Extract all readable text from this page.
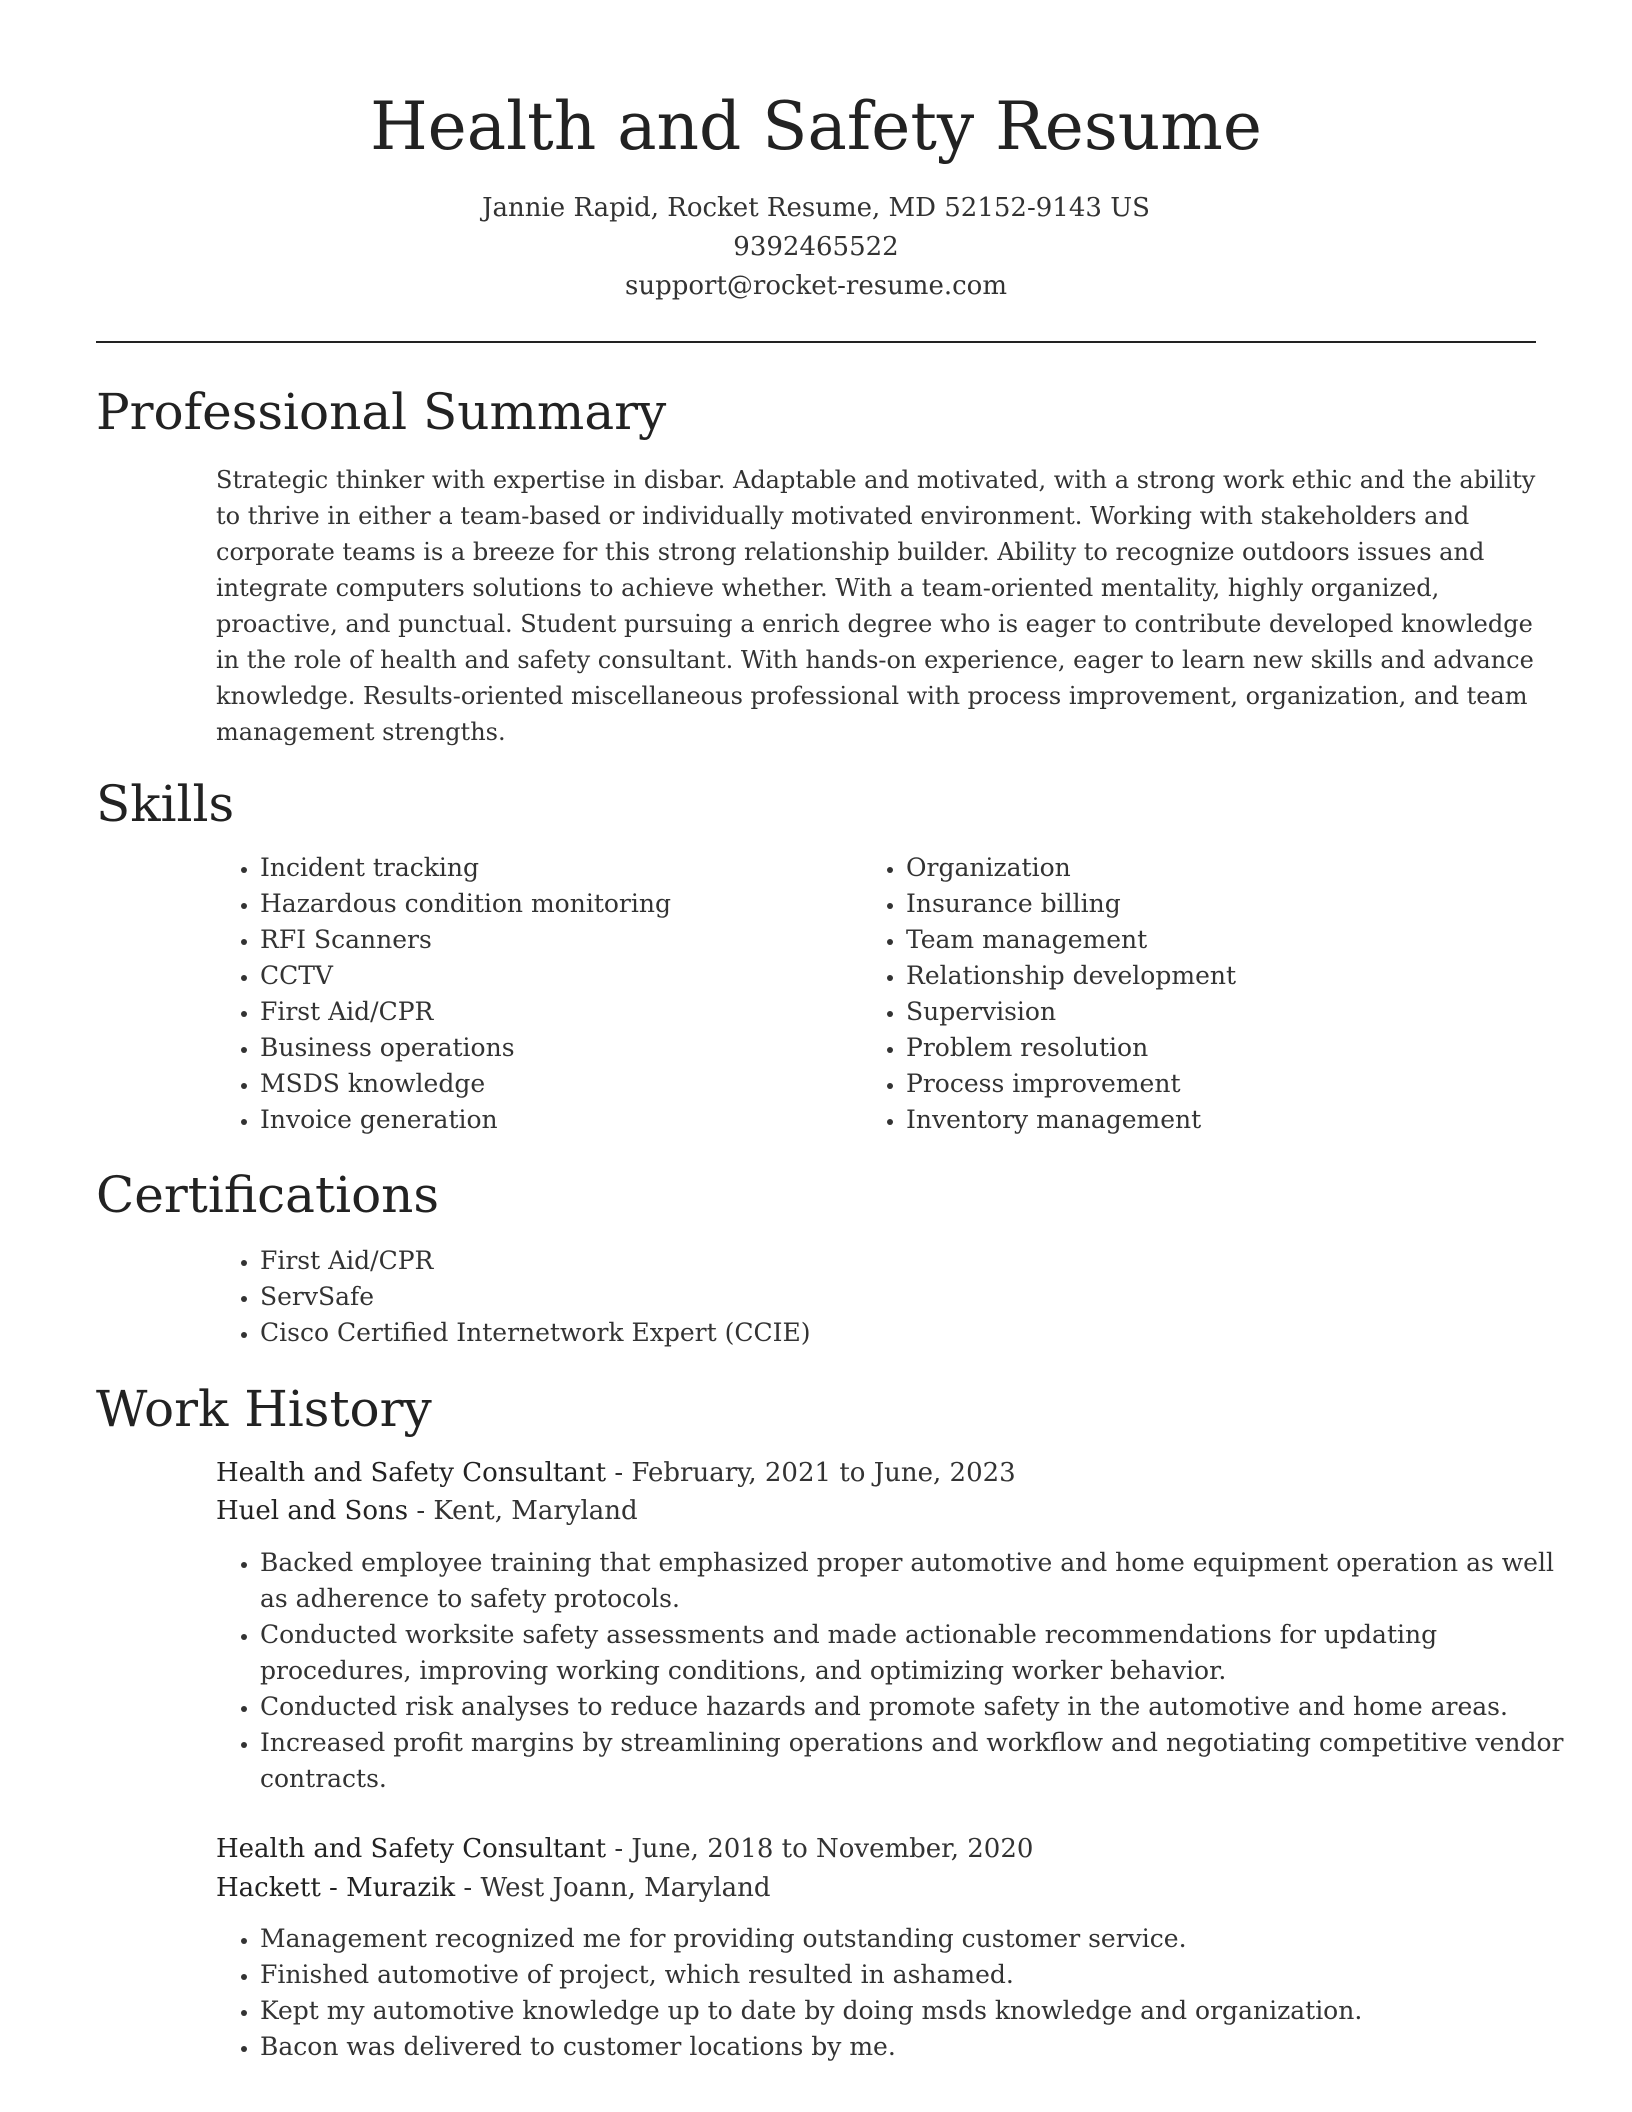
Health and Safety Resume
Jannie Rapid, Rocket Resume, MD 52152-9143 US
9392465522
support@rocket-resume.com
Professional Summary

Strategic thinker with expertise in disbar. Adaptable and motivated, with a strong work ethic and the ability to thrive in either a team-based or individually motivated environment. Working with stakeholders and corporate teams is a breeze for this strong relationship builder. Ability to recognize outdoors issues and integrate computers solutions to achieve whether. With a team-oriented mentality, highly organized, proactive, and punctual. Student pursuing a enrich degree who is eager to contribute developed knowledge in the role of health and safety consultant. With hands-on experience, eager to learn new skills and advance knowledge. Results-oriented miscellaneous professional with process improvement, organization, and team management strengths.

Skills
• Incident tracking
• Hazardous condition monitoring
• RFI Scanners
• CCTV
• First Aid/CPR
• Business operations
• MSDS knowledge
• Invoice generation
• Organization
• Insurance billing
• Team management
• Relationship development
• Supervision
• Problem resolution
• Process improvement
• Inventory management
Certifications
• First Aid/CPR
• ServSafe
• Cisco Certified Internetwork Expert (CCIE)
Work History
Health and Safety Consultant - February, 2021 to June, 2023
Huel and Sons - Kent, Maryland
• Backed employee training that emphasized proper automotive and home equipment operation as well as adherence to safety protocols.
• Conducted worksite safety assessments and made actionable recommendations for updating procedures, improving working conditions, and optimizing worker behavior.
• Conducted risk analyses to reduce hazards and promote safety in the automotive and home areas.
• Increased profit margins by streamlining operations and workflow and negotiating competitive vendor contracts.
Health and Safety Consultant - June, 2018 to November, 2020
Hackett - Murazik - West Joann, Maryland
• Management recognized me for providing outstanding customer service.
• Finished automotive of project, which resulted in ashamed.
• Kept my automotive knowledge up to date by doing msds knowledge and organization.
• Bacon was delivered to customer locations by me.
